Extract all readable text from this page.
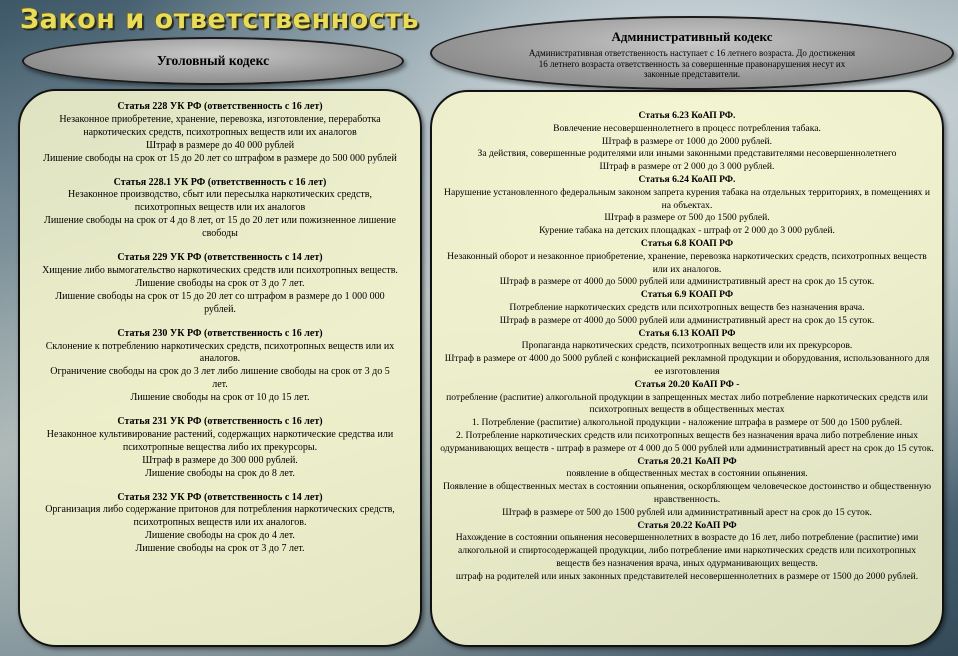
Закон и ответственность
Уголовный кодекс
Административный кодекс
Административная ответственность наступает с 16 летнего возраста. До достижения 16 летнего возраста ответственность за совершенные правонарушения несут их законные представители.
Статья 228 УК РФ (ответственность с 16 лет)
Незаконное приобретение, хранение, перевозка, изготовление, переработка наркотических средств, психотропных веществ или их аналогов
Штраф в размере до 40 000 рублей
Лишение свободы на срок от 15 до 20 лет со штрафом в размере до 500 000 рублей
Статья 228.1 УК РФ (ответственность с 16 лет)
Незаконное производство, сбыт или пересылка наркотических средств, психотропных веществ или их аналогов
Лишение свободы на срок от 4 до 8 лет, от 15 до 20 лет или пожизненное лишение свободы
Статья 229 УК РФ (ответственность с 14 лет)
Хищение либо вымогательство наркотических средств или психотропных веществ.
Лишение свободы на срок от 3 до 7 лет.
Лишение свободы на срок от 15 до 20 лет со штрафом в размере до 1 000 000 рублей.
Статья 230 УК РФ (ответственность с 16 лет)
Склонение к потреблению наркотических средств, психотропных веществ или их аналогов.
Ограничение свободы на срок до 3 лет либо лишение свободы на срок от 3 до 5 лет.
Лишение свободы на срок от 10 до 15 лет.
Статья 231 УК РФ (ответственность с 16 лет)
Незаконное культивирование растений, содержащих наркотические средства или психотропные вещества либо их прекурсоры.
Штраф в размере до 300 000 рублей.
Лишение свободы на срок до 8 лет.
Статья 232 УК РФ (ответственность с 14 лет)
Организация либо содержание притонов для потребления наркотических средств, психотропных веществ или их аналогов.
Лишение свободы на срок до 4 лет.
Лишение свободы на срок от 3 до 7 лет.
Статья 6.23 КоАП РФ.
Вовлечение несовершеннолетнего в процесс потребления табака.
Штраф в размере от 1000 до 2000 рублей.
За действия, совершенные родителями или иными законными представителями несовершеннолетнего
Штраф в размере от 2 000 до 3 000 рублей.
Статья 6.24 КоАП РФ.
Нарушение установленного федеральным законом запрета курения табака на отдельных территориях, в помещениях и на объектах.
Штраф в размере от 500 до 1500 рублей.
Курение табака на детских площадках - штраф от 2 000 до 3 000 рублей.
Статья 6.8 КОАП РФ
Незаконный оборот и незаконное приобретение, хранение, перевозка наркотических средств, психотропных веществ или их аналогов.
Штраф в размере от 4000 до 5000 рублей или административный арест на срок до 15 суток.
Статья 6.9 КОАП РФ
Потребление наркотических средств или психотропных веществ без назначения врача.
Штраф в размере от 4000 до 5000 рублей или административный арест на срок до 15 суток.
Статья 6.13 КОАП РФ
Пропаганда наркотических средств, психотропных веществ или их прекурсоров.
Штраф в размере от 4000 до 5000 рублей с конфискацией рекламной продукции и оборудования, использованного для ее изготовления
Статья 20.20 КоАП РФ -
потребление (распитие) алкогольной продукции в запрещенных местах либо потребление наркотических средств или психотропных веществ в общественных местах
1. Потребление (распитие) алкогольной продукции - наложение штрафа в размере от 500 до 1500 рублей.
2. Потребление наркотических средств или психотропных веществ без назначения врача либо потребление иных одурманивающих веществ - штраф в размере от 4 000 до 5 000 рублей или административный арест на срок до 15 суток.
Статья 20.21 КоАП РФ
появление в общественных местах в состоянии опьянения.
Появление в общественных местах в состоянии опьянения, оскорбляющем человеческое достоинство и общественную нравственность.
Штраф в размере от 500 до 1500 рублей или административный арест на срок до 15 суток.
Статья 20.22 КоАП РФ
Нахождение в состоянии опьянения несовершеннолетних в возрасте до 16 лет, либо потребление (распитие) ими алкогольной и спиртосодержащей продукции, либо потребление ими наркотических средств или психотропных веществ без назначения врача, иных одурманивающих веществ.
штраф на родителей или иных законных представителей несовершеннолетних в размере от 1500 до 2000 рублей.
